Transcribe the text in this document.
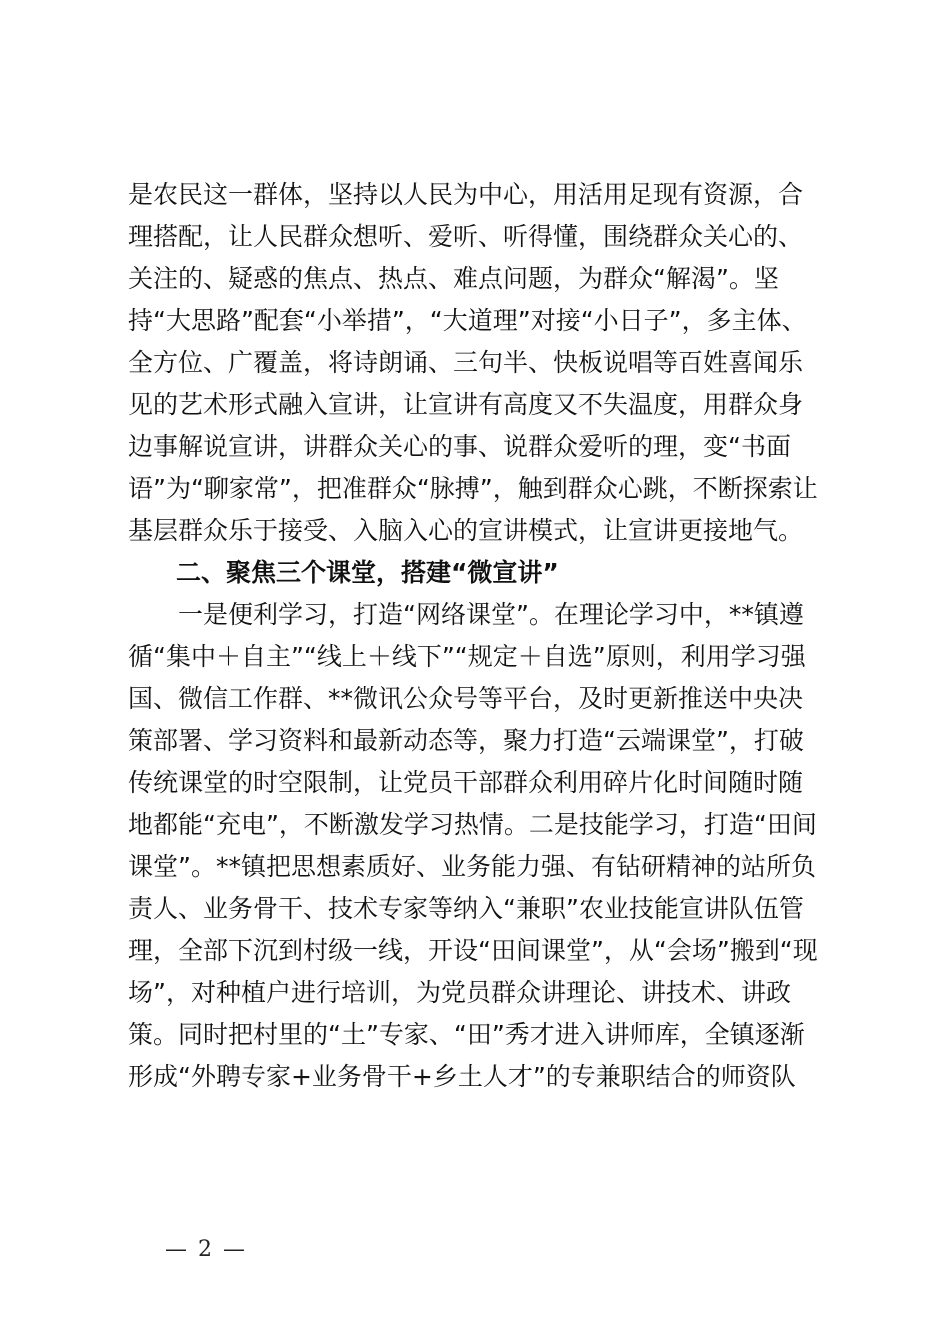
是农民这一群体，坚持以人民为中心，用活用足现有资源，合
理搭配，让人民群众想听、爱听、听得懂，围绕群众关心的、
关注的、疑惑的焦点、热点、难点问题，为群众“解渴”。坚
持“大思路”配套“小举措”，“大道理”对接“小日子”，多主体、
全方位、广覆盖，将诗朗诵、三句半、快板说唱等百姓喜闻乐
见的艺术形式融入宣讲，让宣讲有高度又不失温度，用群众身
边事解说宣讲，讲群众关心的事、说群众爱听的理，变“书面
语”为“聊家常”，把准群众“脉搏”，触到群众心跳，不断探索让
基层群众乐于接受、入脑入心的宣讲模式，让宣讲更接地气。
二、聚焦三个课堂，搭建“微宣讲”
　　一是便利学习，打造“网络课堂”。在理论学习中，**镇遵
循“集中＋自主”“线上＋线下”“规定＋自选”原则，利用学习强
国、微信工作群、**微讯公众号等平台，及时更新推送中央决
策部署、学习资料和最新动态等，聚力打造“云端课堂”，打破
传统课堂的时空限制，让党员干部群众利用碎片化时间随时随
地都能“充电”，不断激发学习热情。二是技能学习，打造“田间
课堂”。**镇把思想素质好、业务能力强、有钻研精神的站所负
责人、业务骨干、技术专家等纳入“兼职”农业技能宣讲队伍管
理，全部下沉到村级一线，开设“田间课堂”，从“会场”搬到“现
场”，对种植户进行培训，为党员群众讲理论、讲技术、讲政
策。同时把村里的“土”专家、“田”秀才进入讲师库，全镇逐渐
形成“外聘专家+业务骨干+乡土人才”的专兼职结合的师资队
— 2 —
